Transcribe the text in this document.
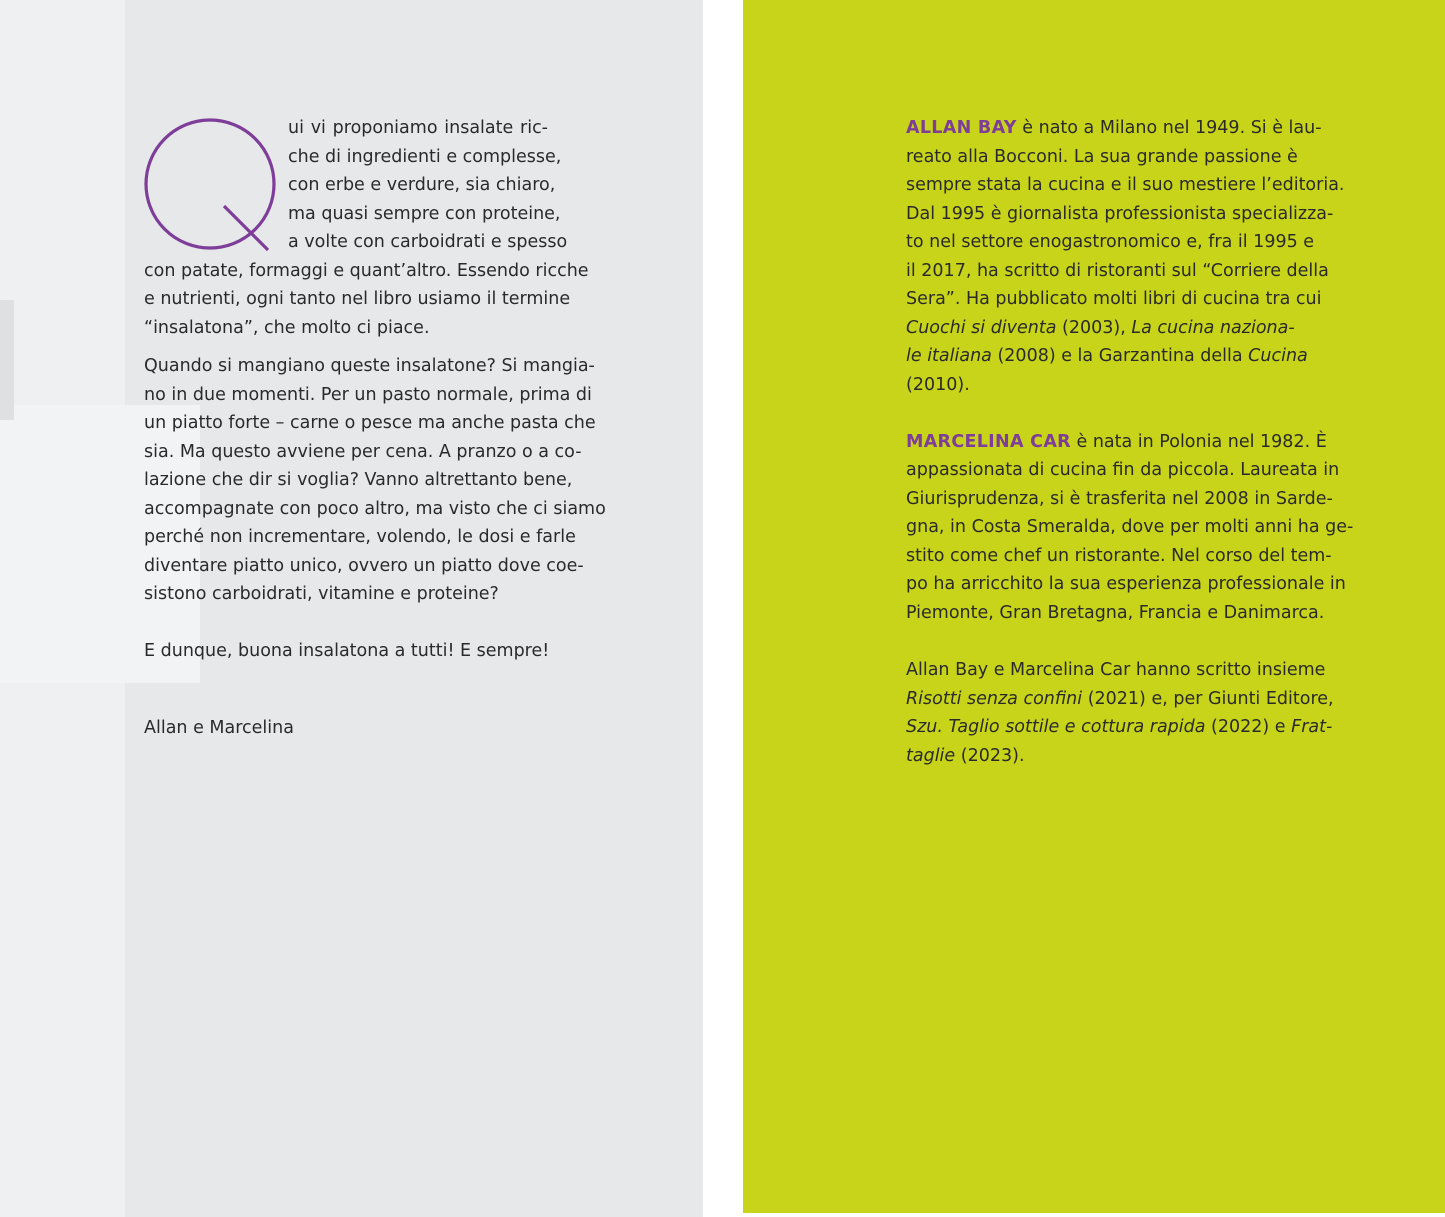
ui vi proponiamo insalate ric-
che di ingredienti e complesse,
con erbe e verdure, sia chiaro,
ma quasi sempre con proteine,
a volte con carboidrati e spesso
con patate, formaggi e quant’altro. Essendo ricche
e nutrienti, ogni tanto nel libro usiamo il termine
“insalatona”, che molto ci piace.
Quando si mangiano queste insalatone? Si mangia-
no in due momenti. Per un pasto normale, prima di
un piatto forte – carne o pesce ma anche pasta che
sia. Ma questo avviene per cena. A pranzo o a co-
lazione che dir si voglia? Vanno altrettanto bene,
accompagnate con poco altro, ma visto che ci siamo
perché non incrementare, volendo, le dosi e farle
diventare piatto unico, ovvero un piatto dove coe-
sistono carboidrati, vitamine e proteine?
E dunque, buona insalatona a tutti! E sempre!
Allan e Marcelina
ALLAN BAY è nato a Milano nel 1949. Si è lau-
reato alla Bocconi. La sua grande passione è
sempre stata la cucina e il suo mestiere l’editoria.
Dal 1995 è giornalista professionista specializza-
to nel settore enogastronomico e, fra il 1995 e
il 2017, ha scritto di ristoranti sul “Corriere della
Sera”. Ha pubblicato molti libri di cucina tra cui
Cuochi si diventa (2003), La cucina naziona-
le italiana (2008) e la Garzantina della Cucina
(2010).
MARCELINA CAR è nata in Polonia nel 1982. È
appassionata di cucina fin da piccola. Laureata in
Giurisprudenza, si è trasferita nel 2008 in Sarde-
gna, in Costa Smeralda, dove per molti anni ha ge-
stito come chef un ristorante. Nel corso del tem-
po ha arricchito la sua esperienza professionale in
Piemonte, Gran Bretagna, Francia e Danimarca.
Allan Bay e Marcelina Car hanno scritto insieme
Risotti senza confini (2021) e, per Giunti Editore,
Szu. Taglio sottile e cottura rapida (2022) e Frat-
taglie (2023).
